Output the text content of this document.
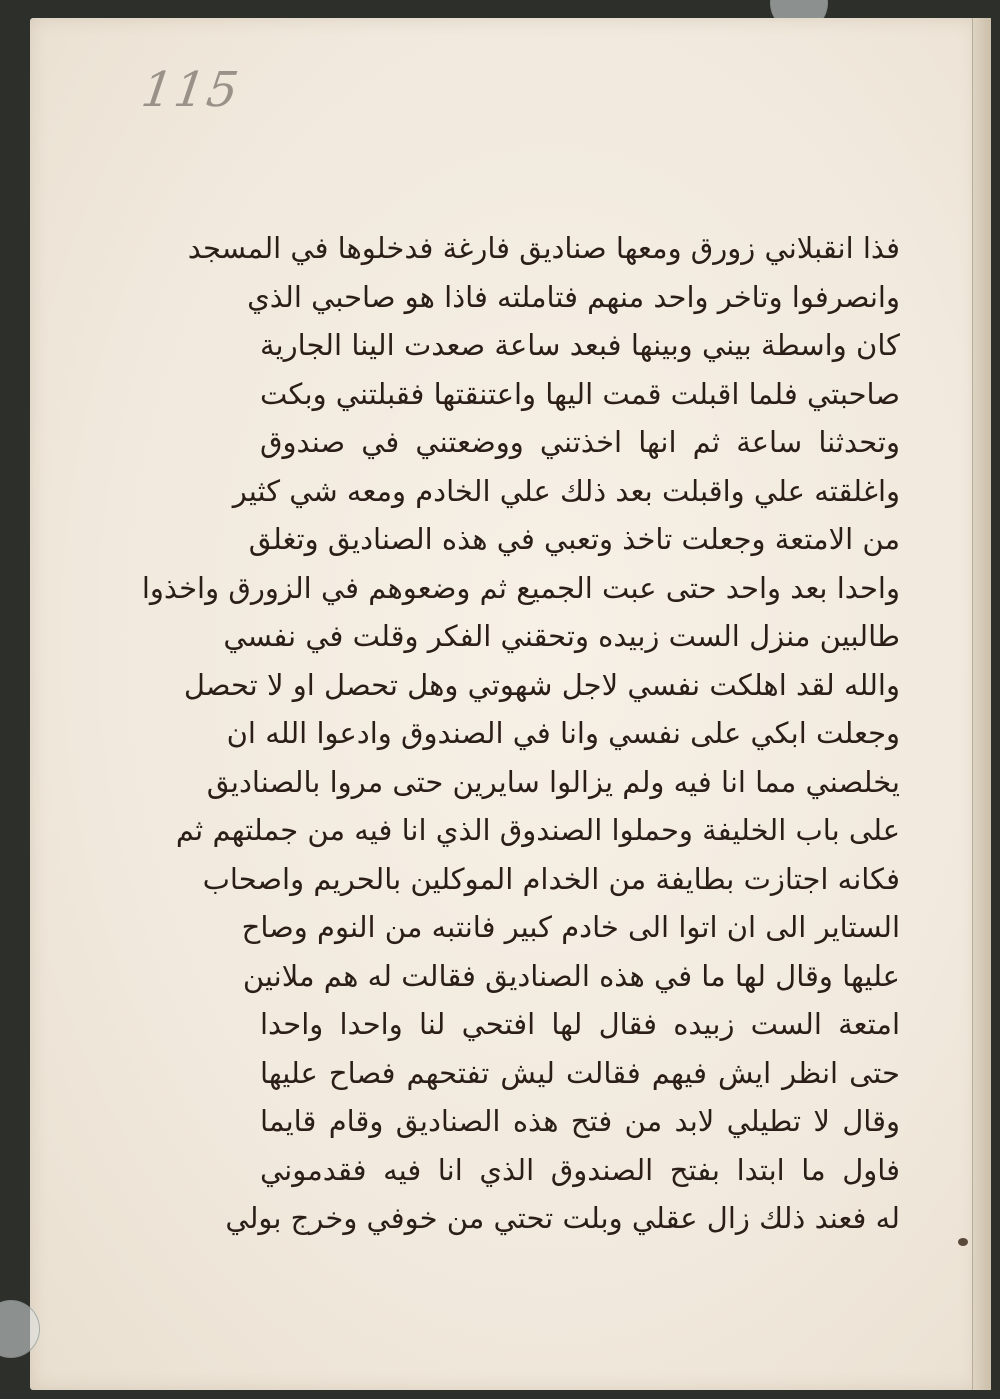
115
فذا انقبلاني زورق ومعها صناديق فارغة فدخلوها في المسجد
وانصرفوا وتاخر واحد منهم فتاملته فاذا هو صاحبي الذي
كان واسطة بيني وبينها فبعد ساعة صعدت الينا الجارية
صاحبتي فلما اقبلت قمت اليها واعتنقتها فقبلتني وبكت
وتحدثنا ساعة ثم انها اخذتني ووضعتني في صندوق
واغلقته علي واقبلت بعد ذلك علي الخادم ومعه شي كثير
من الامتعة وجعلت تاخذ وتعبي في هذه الصناديق وتغلق
واحدا بعد واحد حتى عبت الجميع ثم وضعوهم في الزورق واخذوا
طالبين منزل الست زبيده وتحقني الفكر وقلت في نفسي
والله لقد اهلكت نفسي لاجل شهوتي وهل تحصل او لا تحصل
وجعلت ابكي على نفسي وانا في الصندوق وادعوا الله ان
يخلصني مما انا فيه ولم يزالوا سايرين حتى مروا بالصناديق
على باب الخليفة وحملوا الصندوق الذي انا فيه من جملتهم ثم
فكانه اجتازت بطايفة من الخدام الموكلين بالحريم واصحاب
الستاير الى ان اتوا الى خادم كبير فانتبه من النوم وصاح
عليها وقال لها ما في هذه الصناديق فقالت له هم ملانين
امتعة الست زبيده فقال لها افتحي لنا واحدا واحدا
حتى انظر ايش فيهم فقالت ليش تفتحهم فصاح عليها
وقال لا تطيلي لابد من فتح هذه الصناديق وقام قايما
فاول ما ابتدا بفتح الصندوق الذي انا فيه فقدموني
له فعند ذلك زال عقلي وبلت تحتي من خوفي وخرج بولي
